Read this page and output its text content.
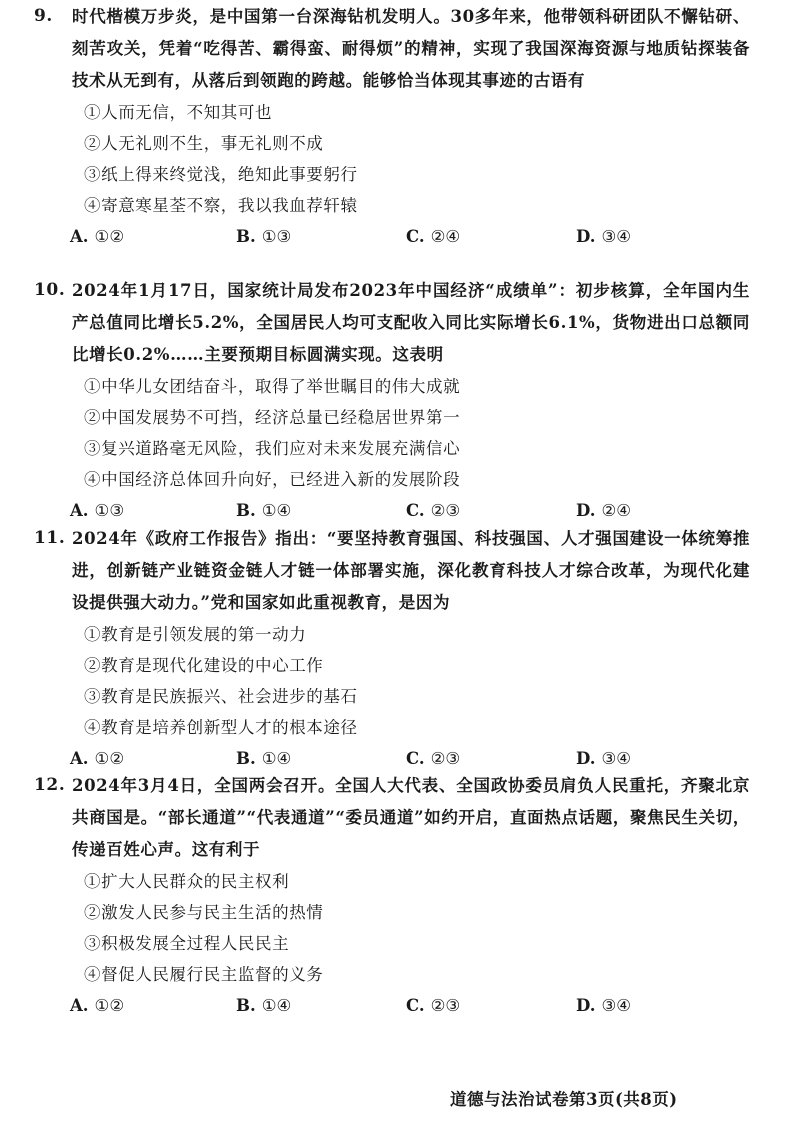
9. 时代楷模万步炎，是中国第一台深海钻机发明人。30多年来，他带领科研团队不懈钻研、刻苦攻关，凭着“吃得苦、霸得蛮、耐得烦”的精神，实现了我国深海资源与地质钻探装备技术从无到有，从落后到领跑的跨越。能够恰当体现其事迹的古语有
①人而无信，不知其可也
②人无礼则不生，事无礼则不成
③纸上得来终觉浅，绝知此事要躬行
④寄意寒星荃不察，我以我血荐轩辕
A. ①②	B. ①③	C. ②④	D. ③④
10. 2024年1月17日，国家统计局发布2023年中国经济“成绩单”：初步核算，全年国内生产总值同比增长5.2%，全国居民人均可支配收入同比实际增长6.1%，货物进出口总额同比增长0.2%……主要预期目标圆满实现。这表明
①中华儿女团结奋斗，取得了举世瞩目的伟大成就
②中国发展势不可挡，经济总量已经稳居世界第一
③复兴道路毫无风险，我们应对未来发展充满信心
④中国经济总体回升向好，已经进入新的发展阶段
A. ①③	B. ①④	C. ②③	D. ②④
11. 2024年《政府工作报告》指出：“要坚持教育强国、科技强国、人才强国建设一体统筹推进，创新链产业链资金链人才链一体部署实施，深化教育科技人才综合改革，为现代化建设提供强大动力。”党和国家如此重视教育，是因为
①教育是引领发展的第一动力
②教育是现代化建设的中心工作
③教育是民族振兴、社会进步的基石
④教育是培养创新型人才的根本途径
A. ①②	B. ①④	C. ②③	D. ③④
12. 2024年3月4日，全国两会召开。全国人大代表、全国政协委员肩负人民重托，齐聚北京共商国是。“部长通道”“代表通道”“委员通道”如约开启，直面热点话题，聚焦民生关切，传递百姓心声。这有利于
①扩大人民群众的民主权利
②激发人民参与民主生活的热情
③积极发展全过程人民民主
④督促人民履行民主监督的义务
A. ①②	B. ①④	C. ②③	D. ③④
道德与法治试卷第3页(共8页)
